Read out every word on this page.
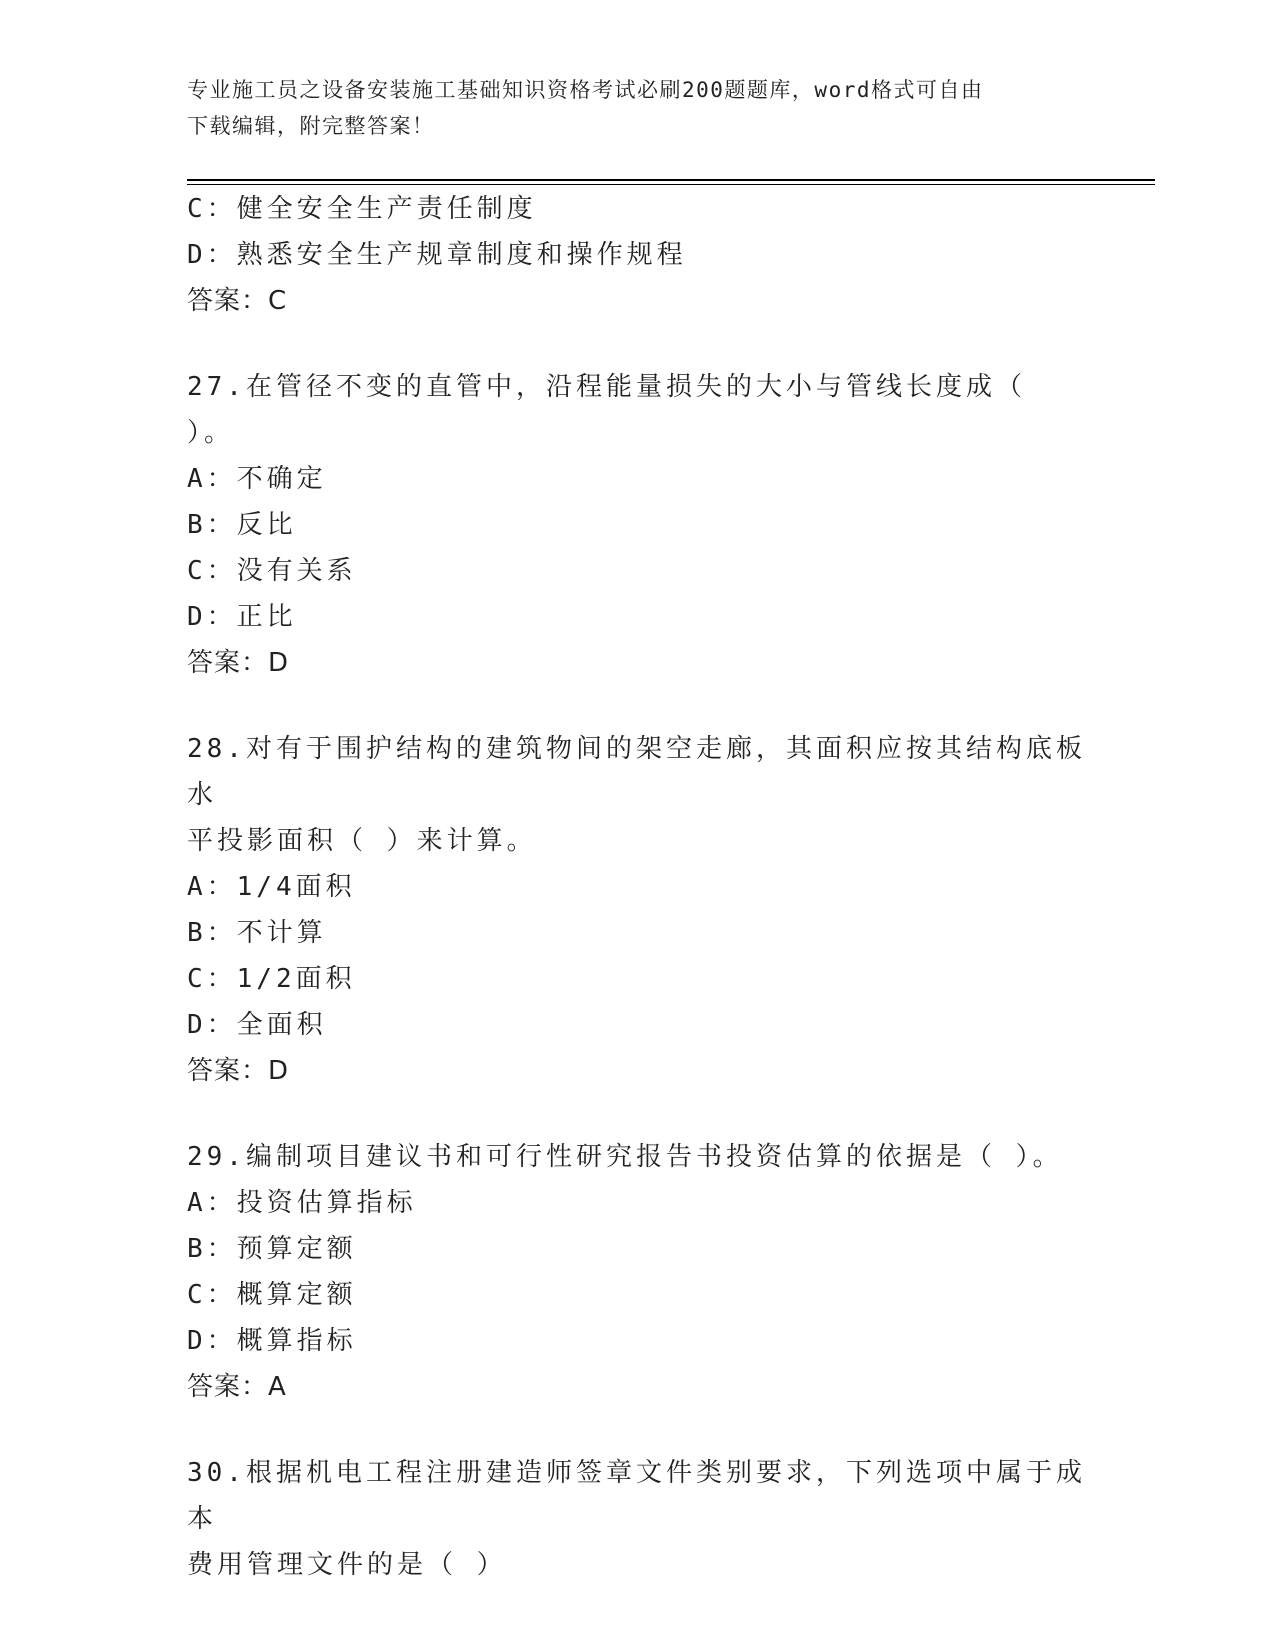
专业施工员之设备安装施工基础知识资格考试必刷200题题库，word格式可自由
下载编辑，附完整答案！
C：健全安全生产责任制度
D：熟悉安全生产规章制度和操作规程
答案：C
27.在管径不变的直管中，沿程能量损失的大小与管线长度成（ ）。
A：不确定
B：反比
C：没有关系
D：正比
答案：D
28.对有于围护结构的建筑物间的架空走廊，其面积应按其结构底板水
平投影面积（ ）来计算。
A：1/4面积
B：不计算
C：1/2面积
D：全面积
答案：D
29.编制项目建议书和可行性研究报告书投资估算的依据是（ ）。
A：投资估算指标
B：预算定额
C：概算定额
D：概算指标
答案：A
30.根据机电工程注册建造师签章文件类别要求，下列选项中属于成本
费用管理文件的是（ ）
